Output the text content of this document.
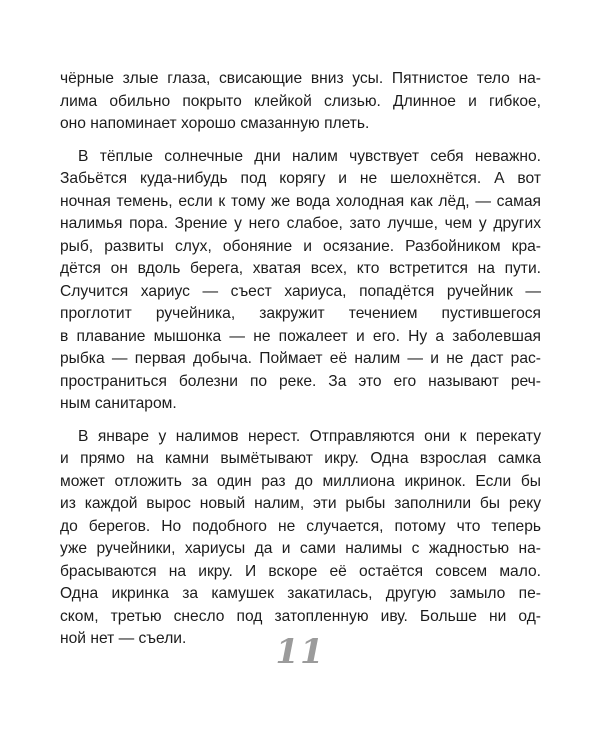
чёрные злые глаза, свисающие вниз усы. Пятнистое тело на-
лима обильно покрыто клейкой слизью. Длинное и гибкое,
оно напоминает хорошо смазанную плеть.
В тёплые солнечные дни налим чувствует себя неважно.
Забьётся куда-нибудь под корягу и не шелохнётся. А вот
ночная темень, если к тому же вода холодная как лёд, — самая
налимья пора. Зрение у него слабое, зато лучше, чем у других
рыб, развиты слух, обоняние и осязание. Разбойником кра-
дётся он вдоль берега, хватая всех, кто встретится на пути.
Случится хариус — съест хариуса, попадётся ручейник —
проглотит ручейника, закружит течением пустившегося
в плавание мышонка — не пожалеет и его. Ну а заболевшая
рыбка — первая добыча. Поймает её налим — и не даст рас-
пространиться болезни по реке. За это его называют реч-
ным санитаром.
В январе у налимов нерест. Отправляются они к перекату
и прямо на камни вымётывают икру. Одна взрослая самка
может отложить за один раз до миллиона икринок. Если бы
из каждой вырос новый налим, эти рыбы заполнили бы реку
до берегов. Но подобного не случается, потому что теперь
уже ручейники, хариусы да и сами налимы с жадностью на-
брасываются на икру. И вскоре её остаётся совсем мало.
Одна икринка за камушек закатилась, другую замыло пе-
ском, третью снесло под затопленную иву. Больше ни од-
ной нет — съели.	11
